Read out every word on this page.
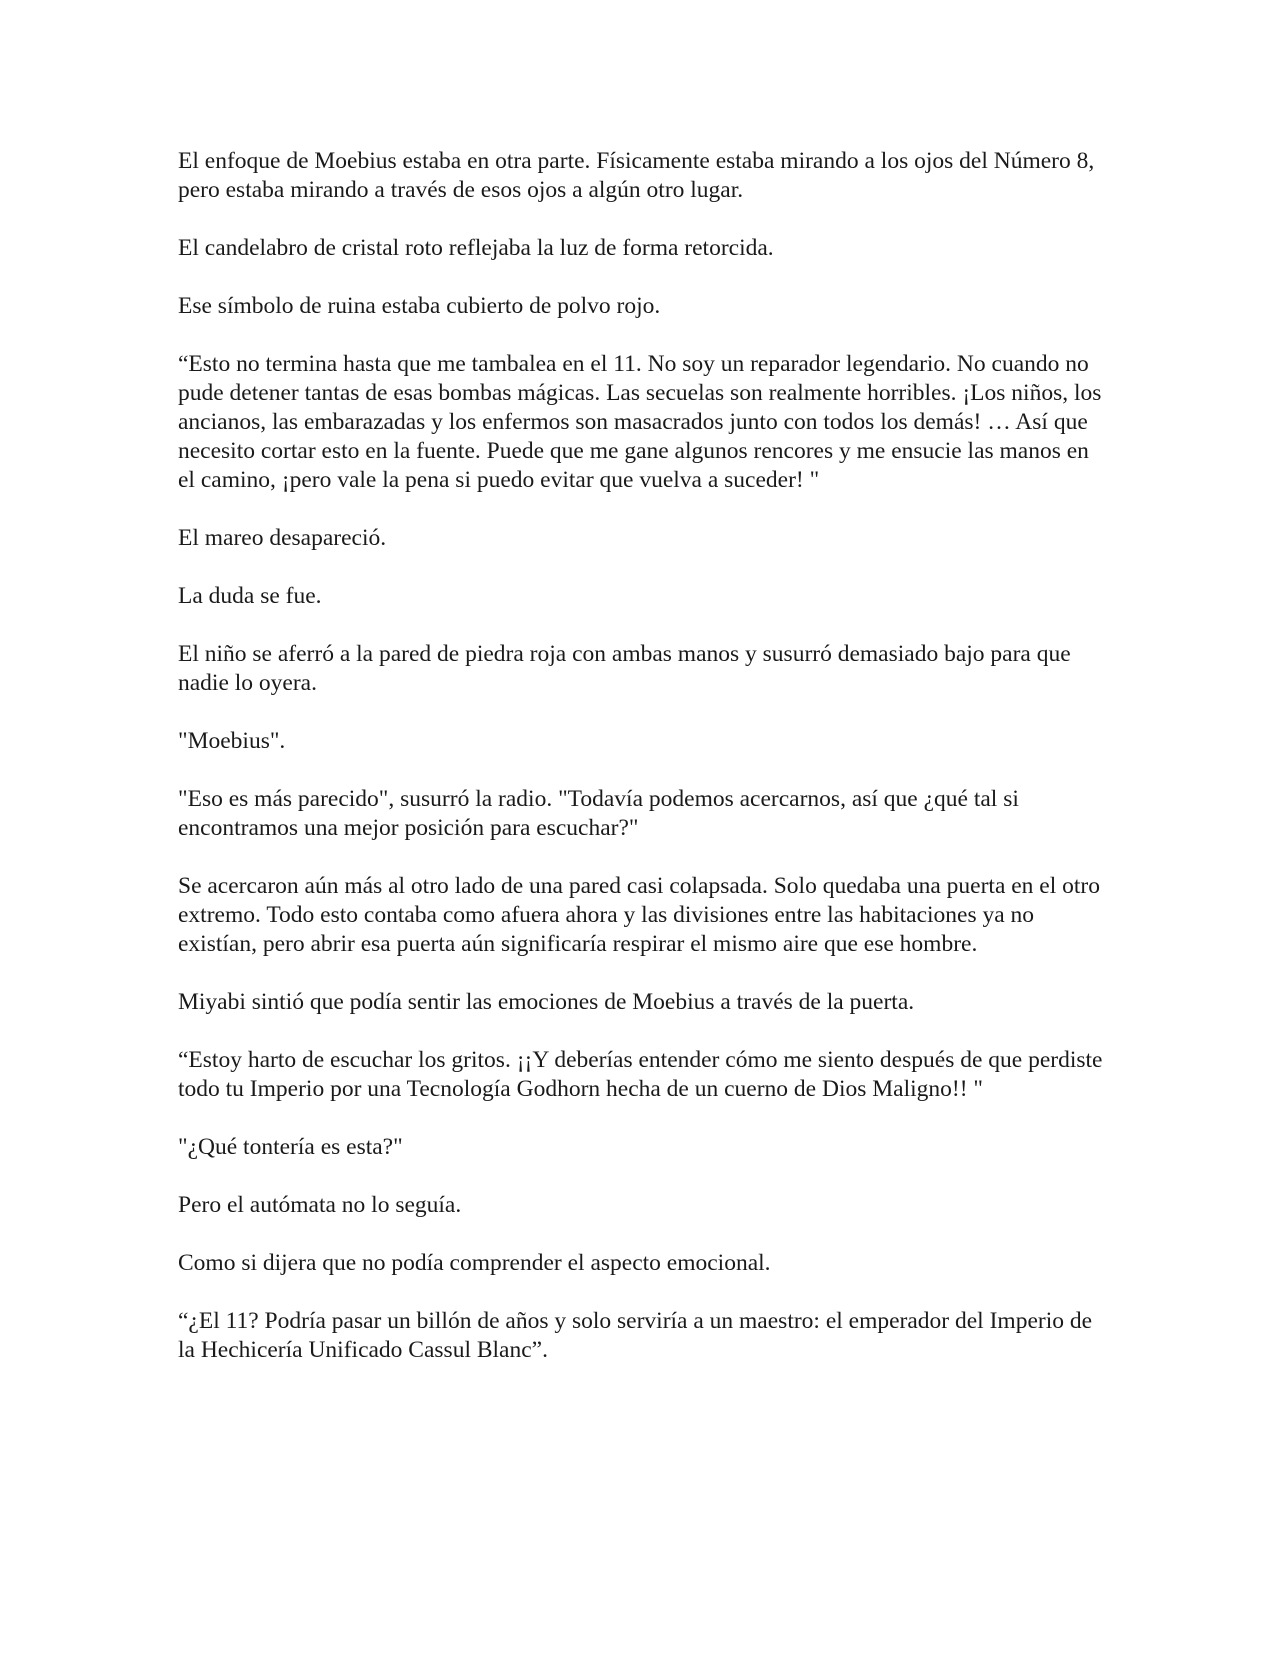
El enfoque de Moebius estaba en otra parte. Físicamente estaba mirando a los ojos del Número 8, pero estaba mirando a través de esos ojos a algún otro lugar.

El candelabro de cristal roto reflejaba la luz de forma retorcida.

Ese símbolo de ruina estaba cubierto de polvo rojo.

“Esto no termina hasta que me tambalea en el 11. No soy un reparador legendario. No cuando no pude detener tantas de esas bombas mágicas. Las secuelas son realmente horribles. ¡Los niños, los ancianos, las embarazadas y los enfermos son masacrados junto con todos los demás! … Así que necesito cortar esto en la fuente. Puede que me gane algunos rencores y me ensucie las manos en el camino, ¡pero vale la pena si puedo evitar que vuelva a suceder! "

El mareo desapareció.

La duda se fue.

El niño se aferró a la pared de piedra roja con ambas manos y susurró demasiado bajo para que nadie lo oyera.

"Moebius".

"Eso es más parecido", susurró la radio. "Todavía podemos acercarnos, así que ¿qué tal si encontramos una mejor posición para escuchar?"

Se acercaron aún más al otro lado de una pared casi colapsada. Solo quedaba una puerta en el otro extremo. Todo esto contaba como afuera ahora y las divisiones entre las habitaciones ya no existían, pero abrir esa puerta aún significaría respirar el mismo aire que ese hombre.

Miyabi sintió que podía sentir las emociones de Moebius a través de la puerta.

“Estoy harto de escuchar los gritos. ¡¡Y deberías entender cómo me siento después de que perdiste todo tu Imperio por una Tecnología Godhorn hecha de un cuerno de Dios Maligno!! "

"¿Qué tontería es esta?"

Pero el autómata no lo seguía.

Como si dijera que no podía comprender el aspecto emocional.

“¿El 11? Podría pasar un billón de años y solo serviría a un maestro: el emperador del Imperio de la Hechicería Unificado Cassul Blanc”.
